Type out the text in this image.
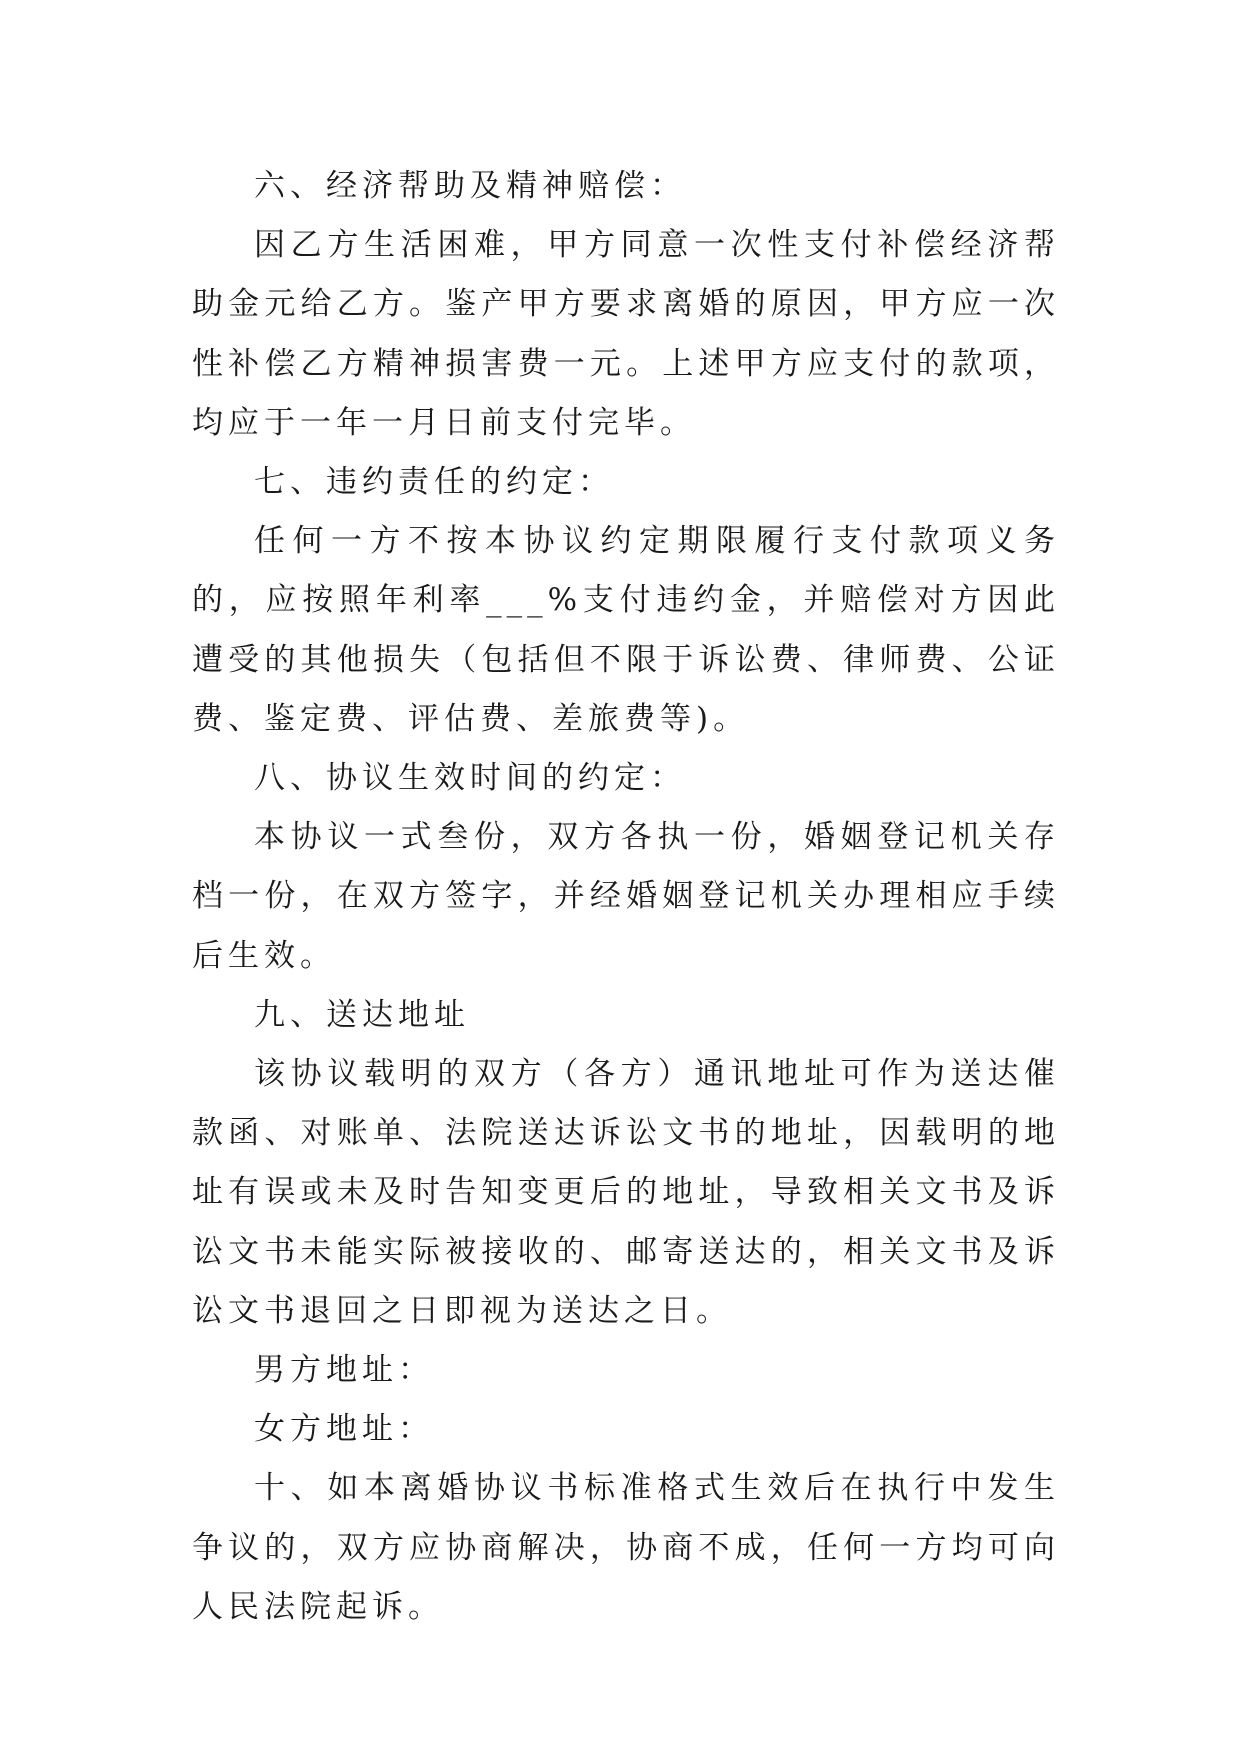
六、经济帮助及精神赔偿：

因乙方生活困难，甲方同意一次性支付补偿经济帮助金元给乙方。鉴产甲方要求离婚的原因，甲方应一次性补偿乙方精神损害费一元。上述甲方应支付的款项，均应于一年一月日前支付完毕。

七、违约责任的约定：

任何一方不按本协议约定期限履行支付款项义务的，应按照年利率___%支付违约金，并赔偿对方因此遭受的其他损失（包括但不限于诉讼费、律师费、公证费、鉴定费、评估费、差旅费等)。

八、协议生效时间的约定：

本协议一式叁份，双方各执一份，婚姻登记机关存档一份，在双方签字，并经婚姻登记机关办理相应手续后生效。

九、送达地址

该协议载明的双方（各方）通讯地址可作为送达催款函、对账单、法院送达诉讼文书的地址，因载明的地址有误或未及时告知变更后的地址，导致相关文书及诉讼文书未能实际被接收的、邮寄送达的，相关文书及诉讼文书退回之日即视为送达之日。

男方地址：

女方地址：

十、如本离婚协议书标准格式生效后在执行中发生争议的，双方应协商解决，协商不成，任何一方均可向人民法院起诉。
